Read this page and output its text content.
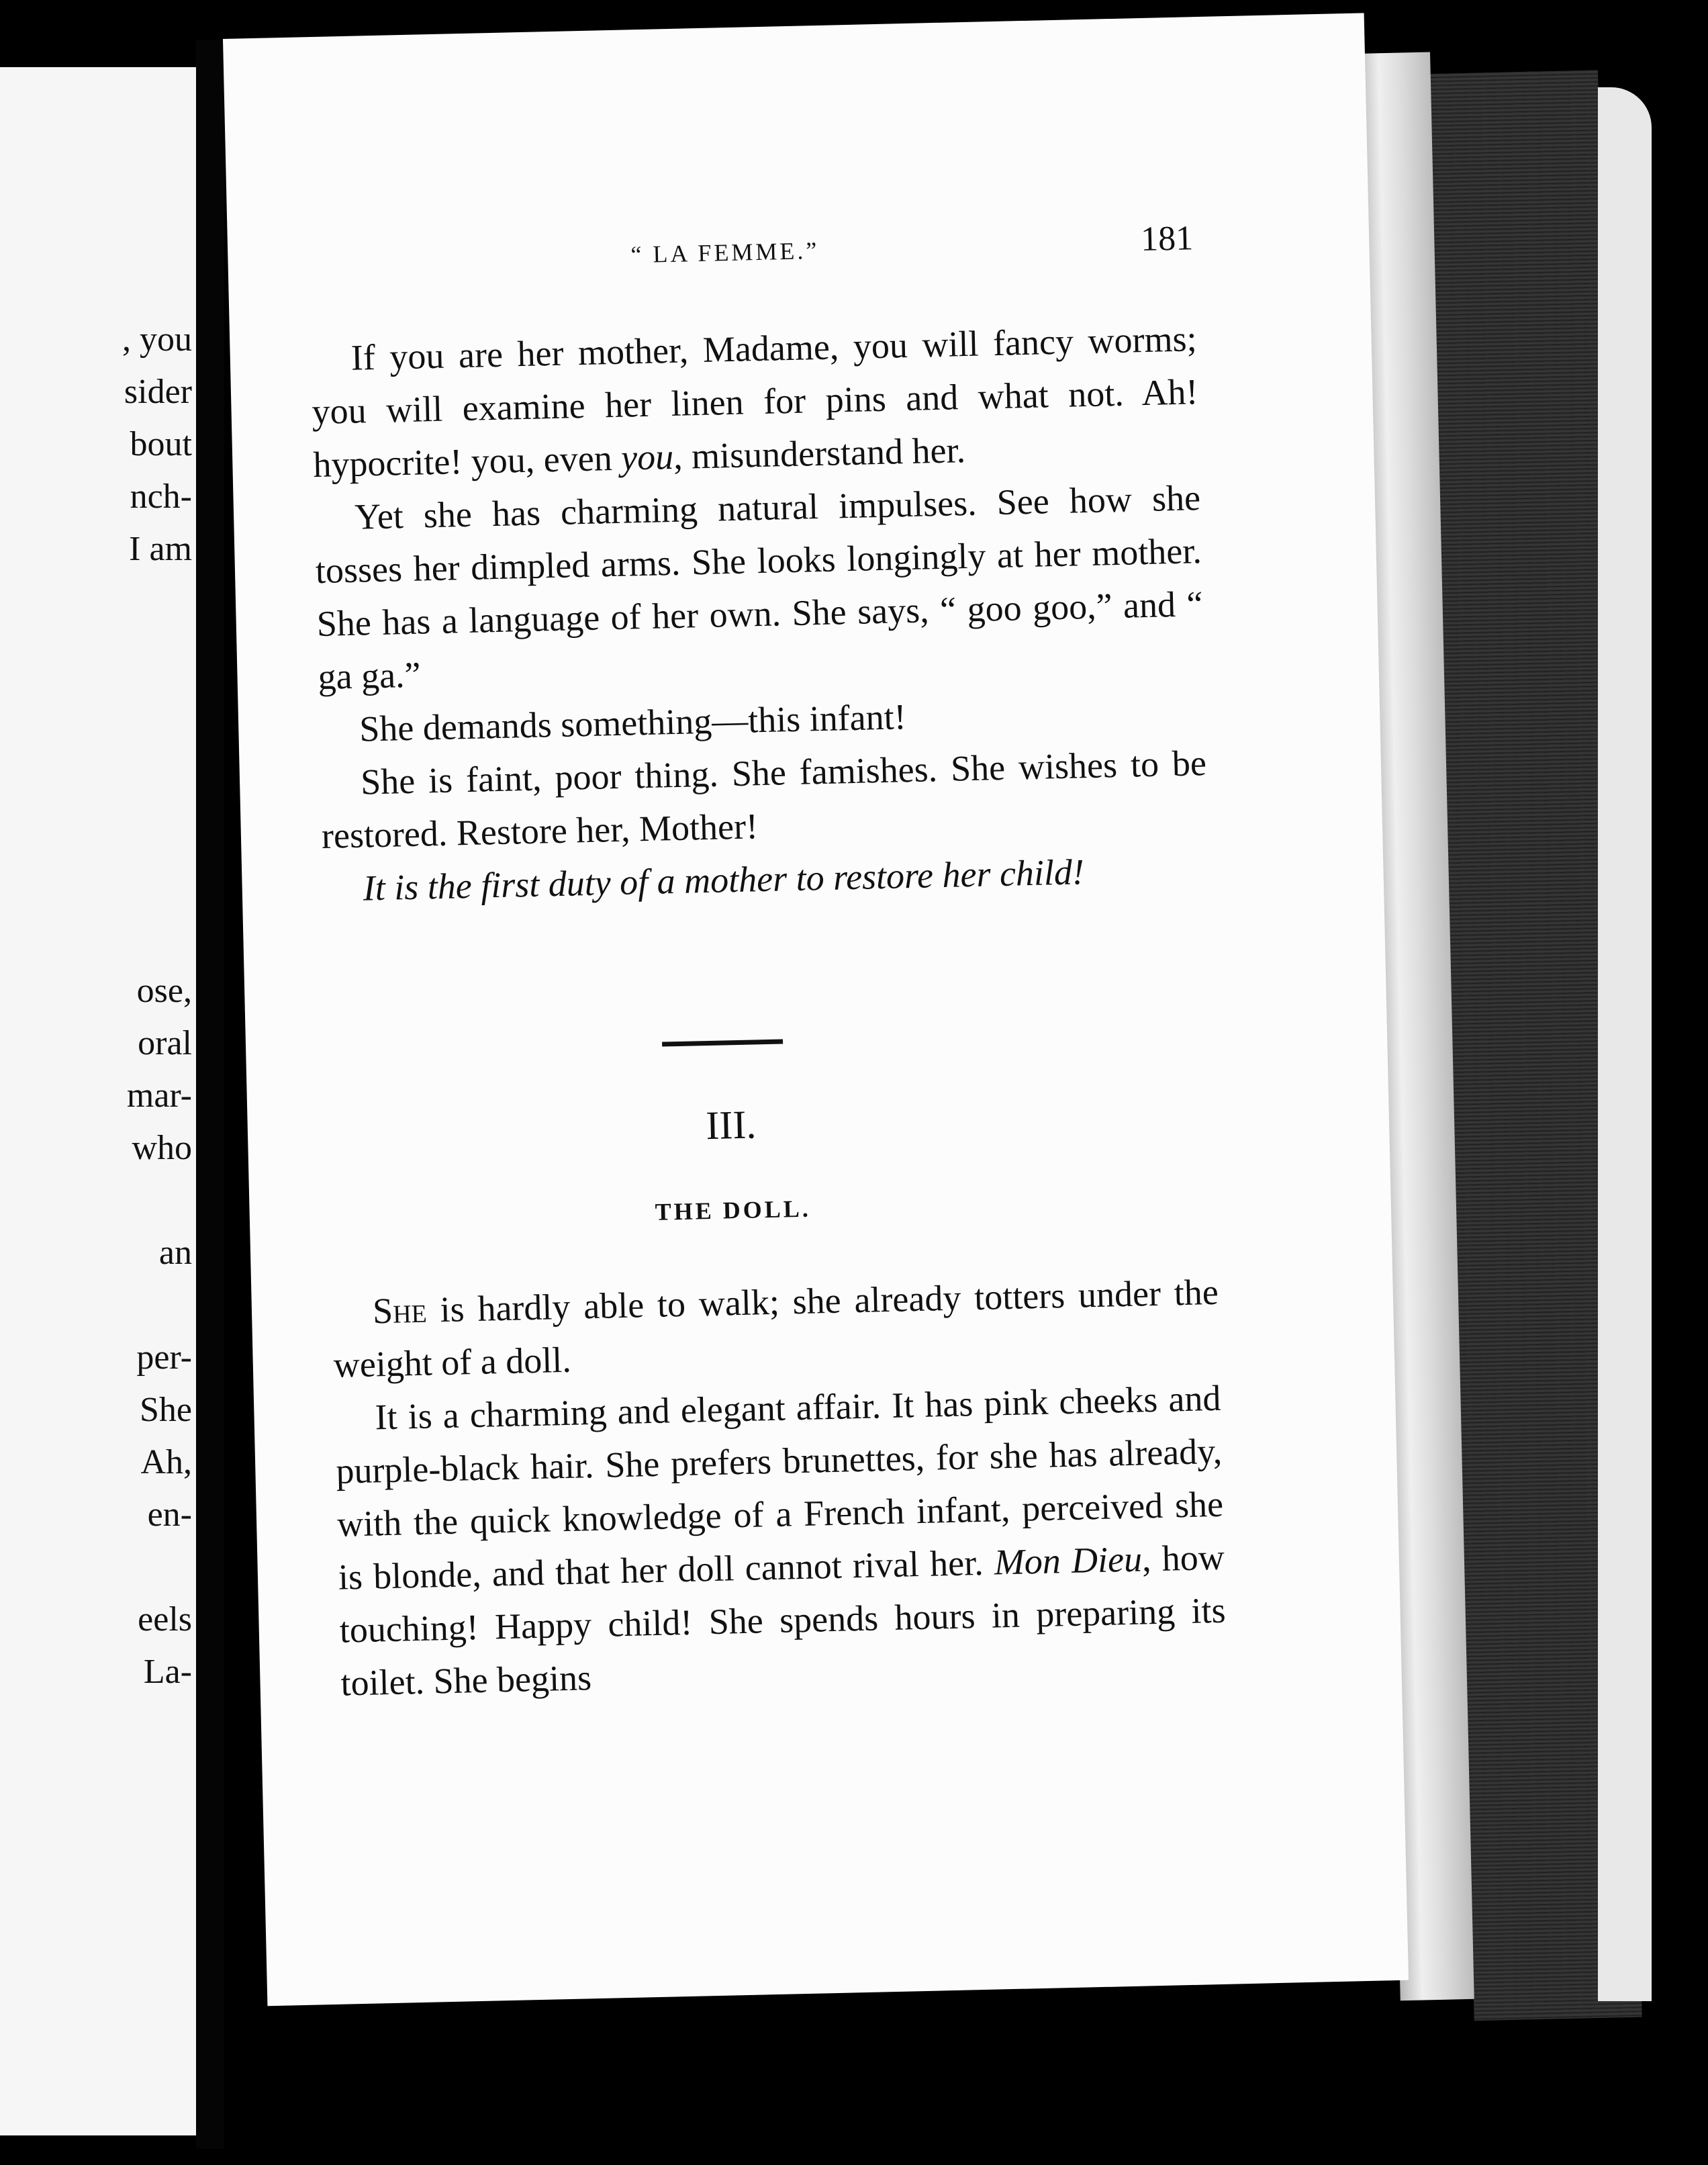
, you
sider
bout
nch-
I am
ose,
oral
mar-
who
an
per-
She
Ah,
en-
eels
La-
“ LA FEMME.”	181

If you are her mother, Madame, you will fancy worms; you will examine her linen for pins and what not. Ah! hypocrite! you, even you, misunderstand her.

Yet she has charming natural impulses. See how she tosses her dimpled arms. She looks longingly at her mother. She has a language of her own. She says, “ goo goo,” and “ ga ga.”

She demands something—this infant!

She is faint, poor thing. She famishes. She wishes to be restored. Restore her, Mother!

It is the first duty of a mother to restore her child!

III.
THE DOLL.

She is hardly able to walk; she already totters under the weight of a doll.

It is a charming and elegant affair. It has pink cheeks and purple-black hair. She prefers brunettes, for she has already, with the quick knowledge of a French infant, perceived she is blonde, and that her doll cannot rival her. Mon Dieu, how touching! Happy child! She spends hours in preparing its toilet. She begins
